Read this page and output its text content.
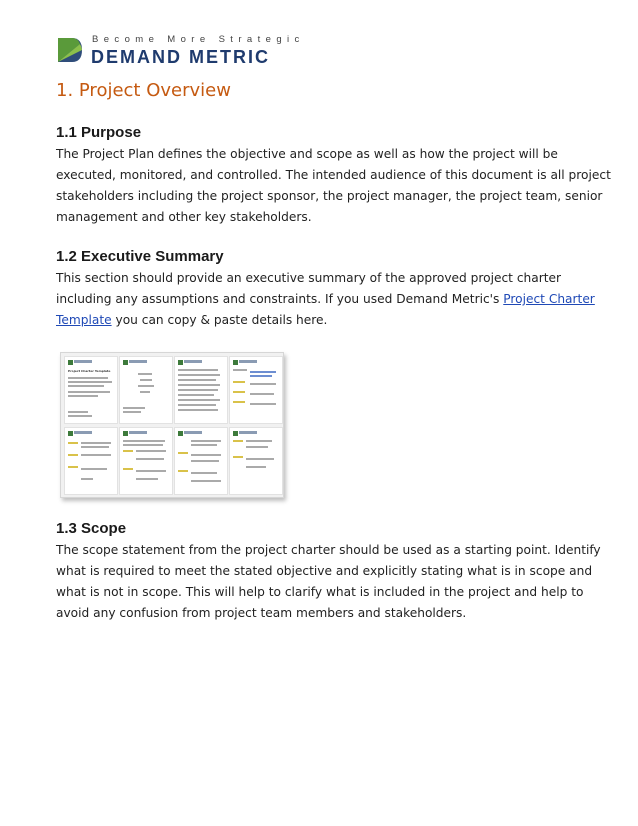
Become More Strategic
DEMAND METRIC
1. Project Overview
1.1 Purpose
The Project Plan defines the objective and scope as well as how the project will be
executed, monitored, and controlled. The intended audience of this document is all project
stakeholders including the project sponsor, the project manager, the project team, senior
management and other key stakeholders.
1.2 Executive Summary
This section should provide an executive summary of the approved project charter
including any assumptions and constraints. If you used Demand Metric's Project Charter
Template you can copy & paste details here.
Project Charter Template
1.3 Scope
The scope statement from the project charter should be used as a starting point. Identify
what is required to meet the stated objective and explicitly stating what is in scope and
what is not in scope. This will help to clarify what is included in the project and help to
avoid any confusion from project team members and stakeholders.
